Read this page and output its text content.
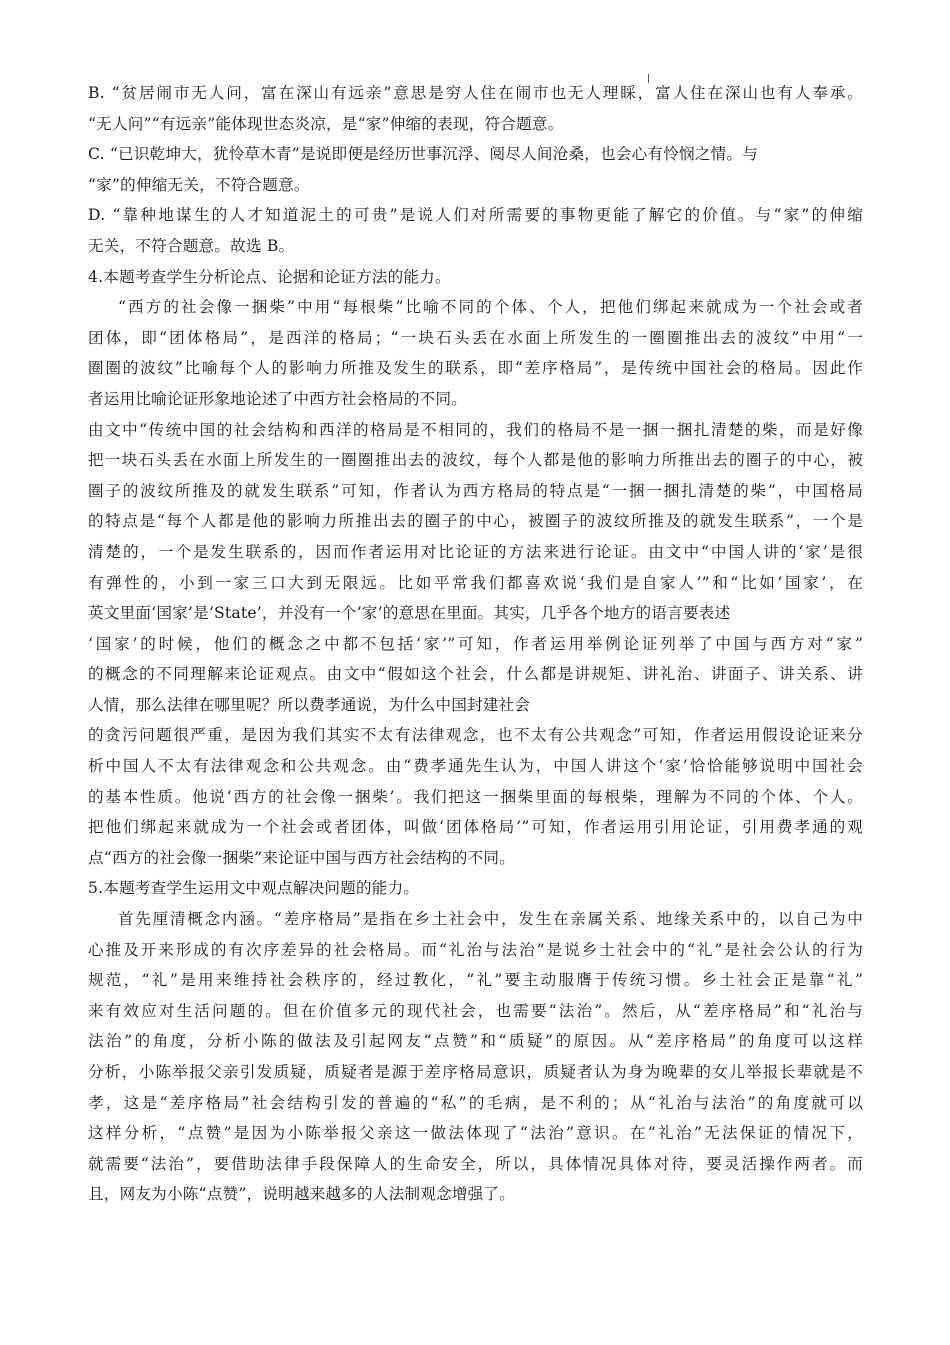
B. “贫居闹市无人问，富在深山有远亲”意思是穷人住在闹市也无人理睬，富人住在深山也有人奉承。
“无人问”“有远亲”能体现世态炎凉，是“家”伸缩的表现，符合题意。
C. “已识乾坤大，犹怜草木青”是说即便是经历世事沉浮、阅尽人间沧桑，也会心有怜悯之情。与
“家”的伸缩无关，不符合题意。
D. “靠种地谋生的人才知道泥土的可贵”是说人们对所需要的事物更能了解它的价值。与“家”的伸缩
无关，不符合题意。故选 B。
4.本题考查学生分析论点、论据和论证方法的能力。
“西方的社会像一捆柴”中用“每根柴”比喻不同的个体、个人，把他们绑起来就成为一个社会或者
团体，即“团体格局”，是西洋的格局；“一块石头丢在水面上所发生的一圈圈推出去的波纹”中用“一
圈圈的波纹”比喻每个人的影响力所推及发生的联系，即“差序格局”，是传统中国社会的格局。因此作
者运用比喻论证形象地论述了中西方社会格局的不同。
由文中“传统中国的社会结构和西洋的格局是不相同的，我们的格局不是一捆一捆扎清楚的柴，而是好像
把一块石头丢在水面上所发生的一圈圈推出去的波纹，每个人都是他的影响力所推出去的圈子的中心，被
圈子的波纹所推及的就发生联系”可知，作者认为西方格局的特点是“一捆一捆扎清楚的柴”，中国格局
的特点是“每个人都是他的影响力所推出去的圈子的中心，被圈子的波纹所推及的就发生联系”，一个是
清楚的，一个是发生联系的，因而作者运用对比论证的方法来进行论证。由文中“中国人讲的‘家’是很
有弹性的，小到一家三口大到无限远。比如平常我们都喜欢说‘我们是自家人’”和“比如‘国家’，在
英文里面‘国家’是‘State’，并没有一个‘家’的意思在里面。其实，几乎各个地方的语言要表述
‘国家’的时候，他们的概念之中都不包括‘家’”可知，作者运用举例论证列举了中国与西方对“家”
的概念的不同理解来论证观点。由文中“假如这个社会，什么都是讲规矩、讲礼治、讲面子、讲关系、讲
人情，那么法律在哪里呢？所以费孝通说，为什么中国封建社会
的贪污问题很严重，是因为我们其实不太有法律观念，也不太有公共观念”可知，作者运用假设论证来分
析中国人不太有法律观念和公共观念。由“费孝通先生认为，中国人讲这个‘家’恰恰能够说明中国社会
的基本性质。他说‘西方的社会像一捆柴’。我们把这一捆柴里面的每根柴，理解为不同的个体、个人。
把他们绑起来就成为一个社会或者团体，叫做‘团体格局’”可知，作者运用引用论证，引用费孝通的观
点“西方的社会像一捆柴”来论证中国与西方社会结构的不同。
5.本题考查学生运用文中观点解决问题的能力。
首先厘清概念内涵。“差序格局”是指在乡土社会中，发生在亲属关系、地缘关系中的，以自己为中
心推及开来形成的有次序差异的社会格局。而“礼治与法治”是说乡土社会中的“礼”是社会公认的行为
规范，“礼”是用来维持社会秩序的，经过教化，“礼”要主动服膺于传统习惯。乡土社会正是靠“礼”
来有效应对生活问题的。但在价值多元的现代社会，也需要“法治”。然后，从“差序格局”和“礼治与
法治”的角度，分析小陈的做法及引起网友“点赞”和“质疑”的原因。从“差序格局”的角度可以这样
分析，小陈举报父亲引发质疑，质疑者是源于差序格局意识，质疑者认为身为晚辈的女儿举报长辈就是不
孝，这是“差序格局”社会结构引发的普遍的“私”的毛病，是不利的；从“礼治与法治”的角度就可以
这样分析，“点赞”是因为小陈举报父亲这一做法体现了“法治”意识。在“礼治”无法保证的情况下，
就需要“法治”，要借助法律手段保障人的生命安全，所以，具体情况具体对待，要灵活操作两者。而
且，网友为小陈“点赞”，说明越来越多的人法制观念增强了。
